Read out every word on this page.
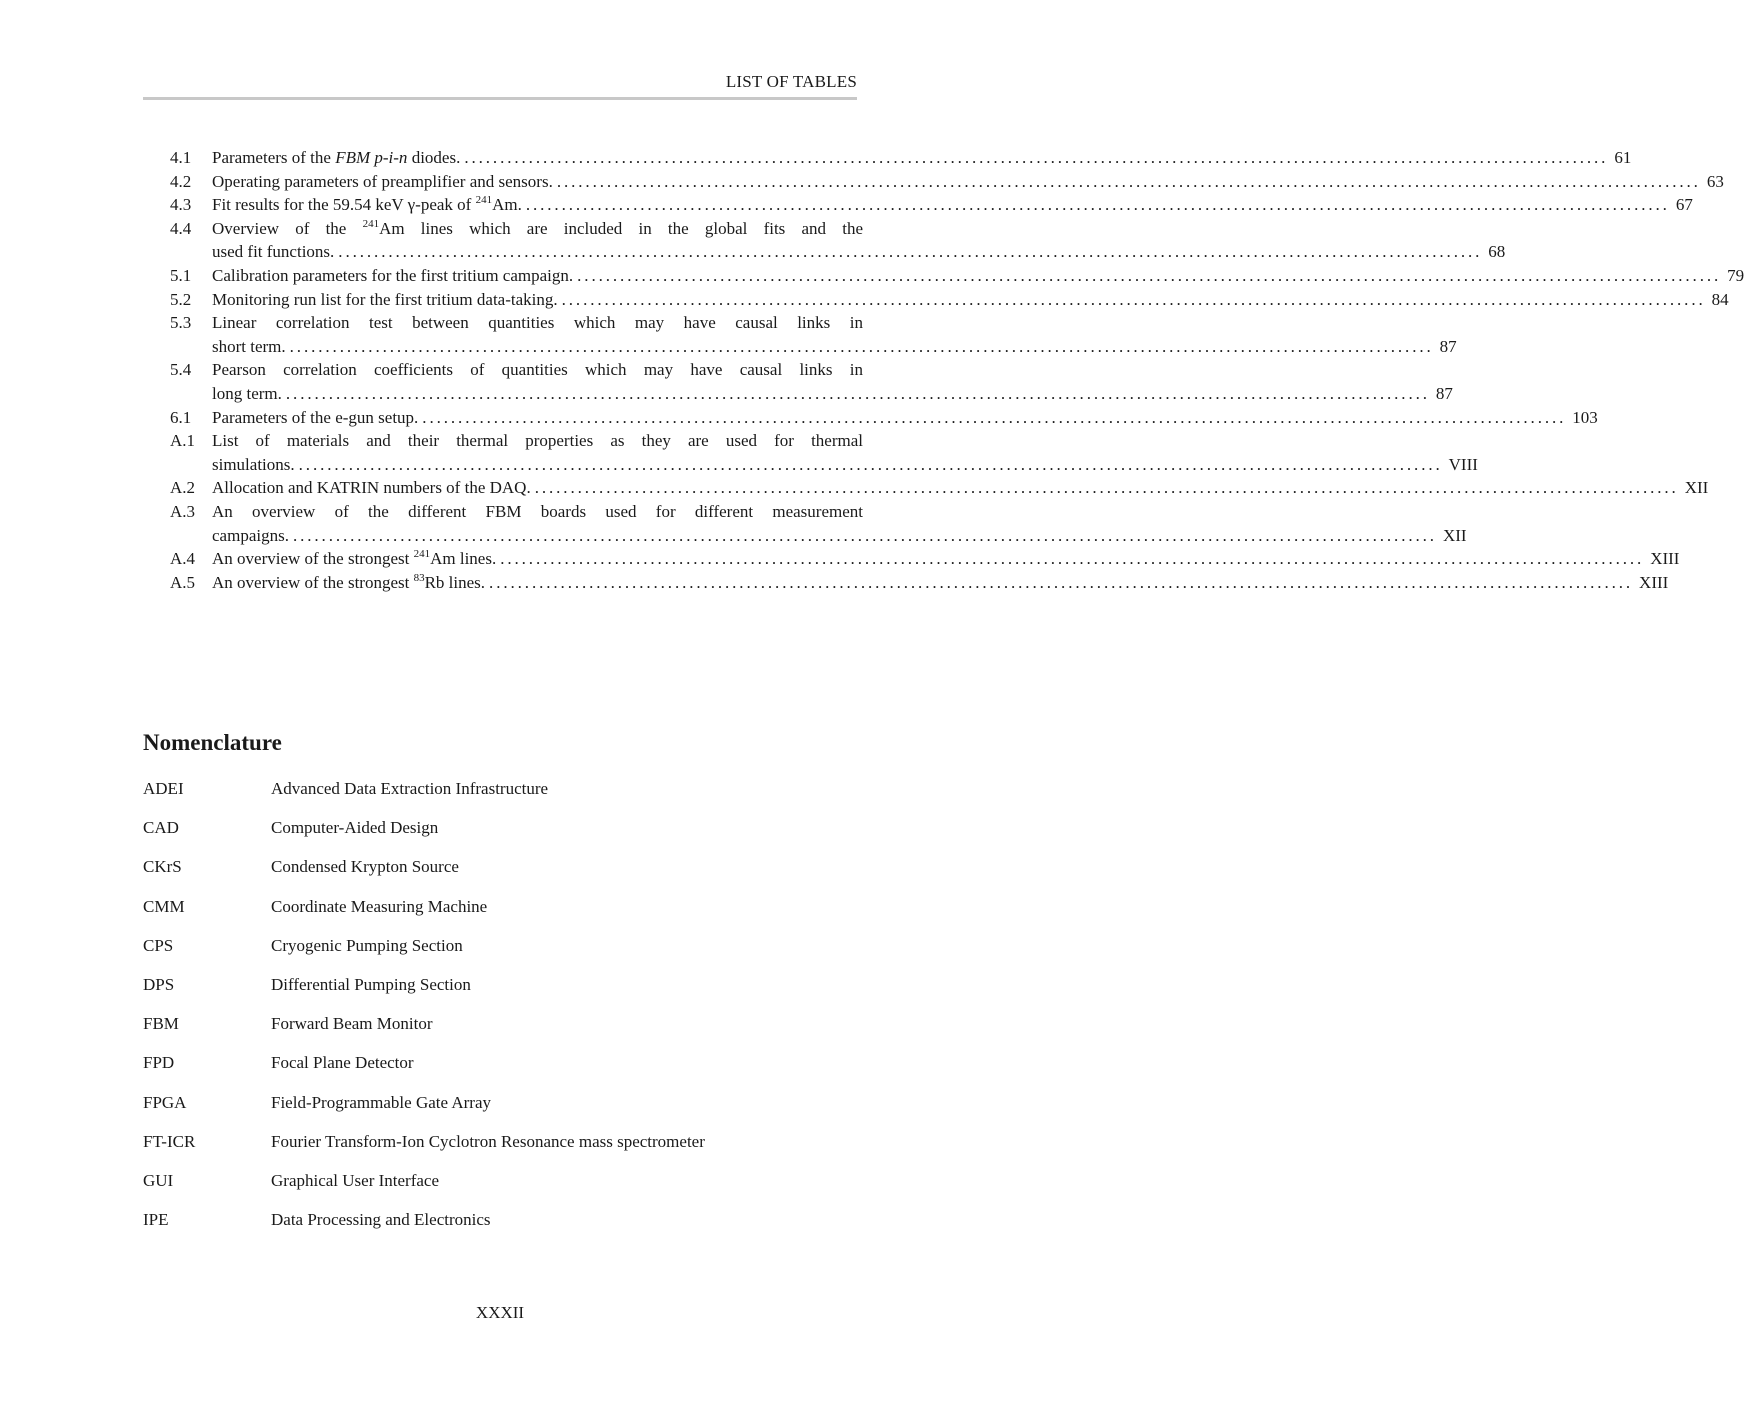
LIST OF TABLES
4.1	Parameters of the FBM p-i-n diodes. ................................................................................................................................................................ 61
4.2	Operating parameters of preamplifier and sensors. ................................................................................................................................................................ 63
4.3	Fit results for the 59.54 keV γ-peak of $^{241}$Am. ................................................................................................................................................................ 67
4.4	Overview of the $^{241}$Am lines which are included in the global fits and the
used fit functions. ................................................................................................................................................................ 68
5.1	Calibration parameters for the first tritium campaign. ................................................................................................................................................................ 79
5.2	Monitoring run list for the first tritium data-taking. ................................................................................................................................................................ 84
5.3	Linear correlation test between quantities which may have causal links in
short term. ................................................................................................................................................................ 87
5.4	Pearson correlation coefficients of quantities which may have causal links in
long term. ................................................................................................................................................................ 87
6.1	Parameters of the e-gun setup. ................................................................................................................................................................ 103
A.1 List of materials and their thermal properties as they are used for thermal
simulations. ................................................................................................................................................................ VIII
A.2 Allocation and KATRIN numbers of the DAQ. ................................................................................................................................................................ XII
A.3 An overview of the different FBM boards used for different measurement
campaigns. ................................................................................................................................................................ XII
A.4 An overview of the strongest $^{241}$Am lines. ................................................................................................................................................................ XIII
A.5 An overview of the strongest $^{83}$Rb lines. ................................................................................................................................................................ XIII
Nomenclature
ADEI	Advanced Data Extraction Infrastructure
CAD	Computer-Aided Design
CKrS	Condensed Krypton Source
CMM	Coordinate Measuring Machine
CPS	Cryogenic Pumping Section
DPS	Differential Pumping Section
FBM	Forward Beam Monitor
FPD	Focal Plane Detector
FPGA	Field-Programmable Gate Array
FT-ICR	Fourier Transform-Ion Cyclotron Resonance mass spectrometer
GUI	Graphical User Interface
IPE	Data Processing and Electronics
XXXII
